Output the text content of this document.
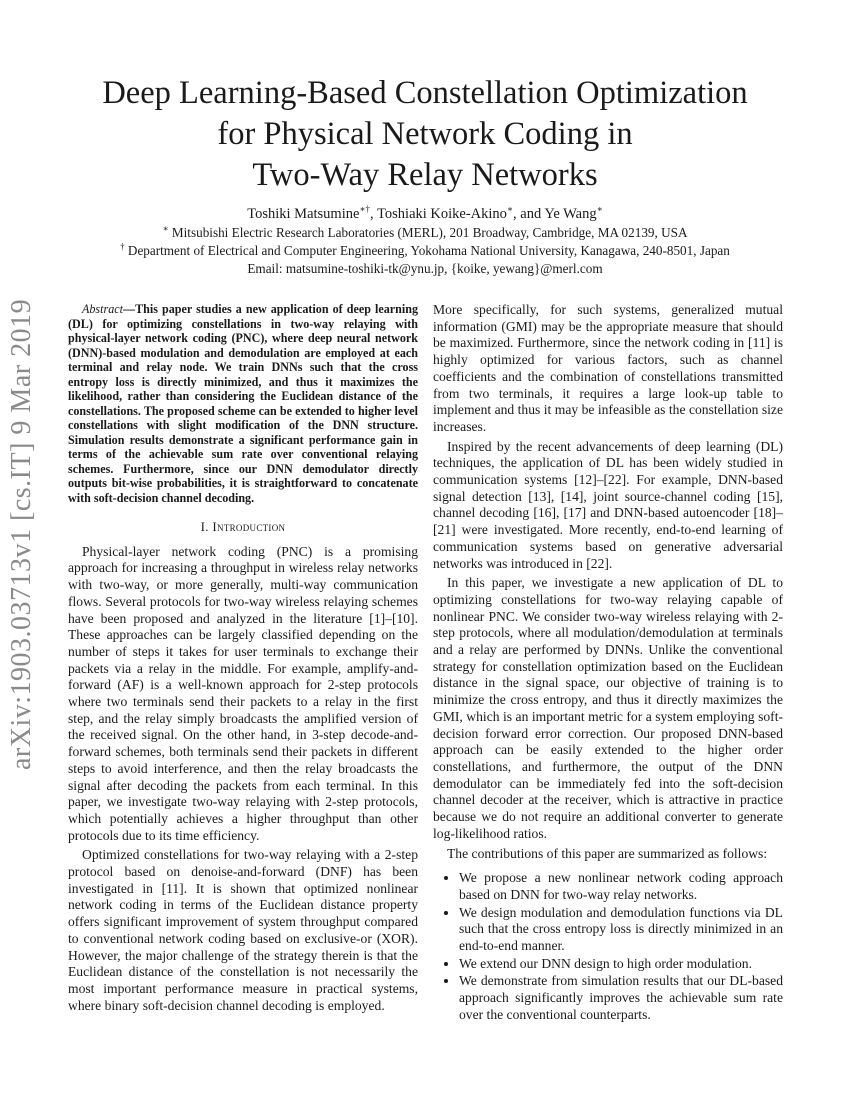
arXiv:1903.03713v1 [cs.IT] 9 Mar 2019
Deep Learning-Based Constellation Optimization
for Physical Network Coding in
Two-Way Relay Networks
Toshiki Matsumine∗†, Toshiaki Koike-Akino∗, and Ye Wang∗
∗ Mitsubishi Electric Research Laboratories (MERL), 201 Broadway, Cambridge, MA 02139, USA
† Department of Electrical and Computer Engineering, Yokohama National University, Kanagawa, 240-8501, Japan
Email: matsumine-toshiki-tk@ynu.jp, {koike, yewang}@merl.com

Abstract—This paper studies a new application of deep learning (DL) for optimizing constellations in two-way relaying with physical-layer network coding (PNC), where deep neural network (DNN)-based modulation and demodulation are employed at each terminal and relay node. We train DNNs such that the cross entropy loss is directly minimized, and thus it maximizes the likelihood, rather than considering the Euclidean distance of the constellations. The proposed scheme can be extended to higher level constellations with slight modification of the DNN structure. Simulation results demonstrate a significant performance gain in terms of the achievable sum rate over conventional relaying schemes. Furthermore, since our DNN demodulator directly outputs bit-wise probabilities, it is straightforward to concatenate with soft-decision channel decoding.

I. Introduction

Physical-layer network coding (PNC) is a promising approach for increasing a throughput in wireless relay networks with two-way, or more generally, multi-way communication flows. Several protocols for two-way wireless relaying schemes have been proposed and analyzed in the literature [1]–[10]. These approaches can be largely classified depending on the number of steps it takes for user terminals to exchange their packets via a relay in the middle. For example, amplify-and-forward (AF) is a well-known approach for 2-step protocols where two terminals send their packets to a relay in the first step, and the relay simply broadcasts the amplified version of the received signal. On the other hand, in 3-step decode-and-forward schemes, both terminals send their packets in different steps to avoid interference, and then the relay broadcasts the signal after decoding the packets from each terminal. In this paper, we investigate two-way relaying with 2-step protocols, which potentially achieves a higher throughput than other protocols due to its time efficiency.

Optimized constellations for two-way relaying with a 2-step protocol based on denoise-and-forward (DNF) has been investigated in [11]. It is shown that optimized nonlinear network coding in terms of the Euclidean distance property offers significant improvement of system throughput compared to conventional network coding based on exclusive-or (XOR). However, the major challenge of the strategy therein is that the Euclidean distance of the constellation is not necessarily the most important performance measure in practical systems, where binary soft-decision channel decoding is employed.

More specifically, for such systems, generalized mutual information (GMI) may be the appropriate measure that should be maximized. Furthermore, since the network coding in [11] is highly optimized for various factors, such as channel coefficients and the combination of constellations transmitted from two terminals, it requires a large look-up table to implement and thus it may be infeasible as the constellation size increases.

Inspired by the recent advancements of deep learning (DL) techniques, the application of DL has been widely studied in communication systems [12]–[22]. For example, DNN-based signal detection [13], [14], joint source-channel coding [15], channel decoding [16], [17] and DNN-based autoencoder [18]–[21] were investigated. More recently, end-to-end learning of communication systems based on generative adversarial networks was introduced in [22].

In this paper, we investigate a new application of DL to optimizing constellations for two-way relaying capable of nonlinear PNC. We consider two-way wireless relaying with 2-step protocols, where all modulation/demodulation at terminals and a relay are performed by DNNs. Unlike the conventional strategy for constellation optimization based on the Euclidean distance in the signal space, our objective of training is to minimize the cross entropy, and thus it directly maximizes the GMI, which is an important metric for a system employing soft-decision forward error correction. Our proposed DNN-based approach can be easily extended to the higher order constellations, and furthermore, the output of the DNN demodulator can be immediately fed into the soft-decision channel decoder at the receiver, which is attractive in practice because we do not require an additional converter to generate log-likelihood ratios.

The contributions of this paper are summarized as follows:

• We propose a new nonlinear network coding approach based on DNN for two-way relay networks.
• We design modulation and demodulation functions via DL such that the cross entropy loss is directly minimized in an end-to-end manner.
• We extend our DNN design to high order modulation.
• We demonstrate from simulation results that our DL-based approach significantly improves the achievable sum rate over the conventional counterparts.
